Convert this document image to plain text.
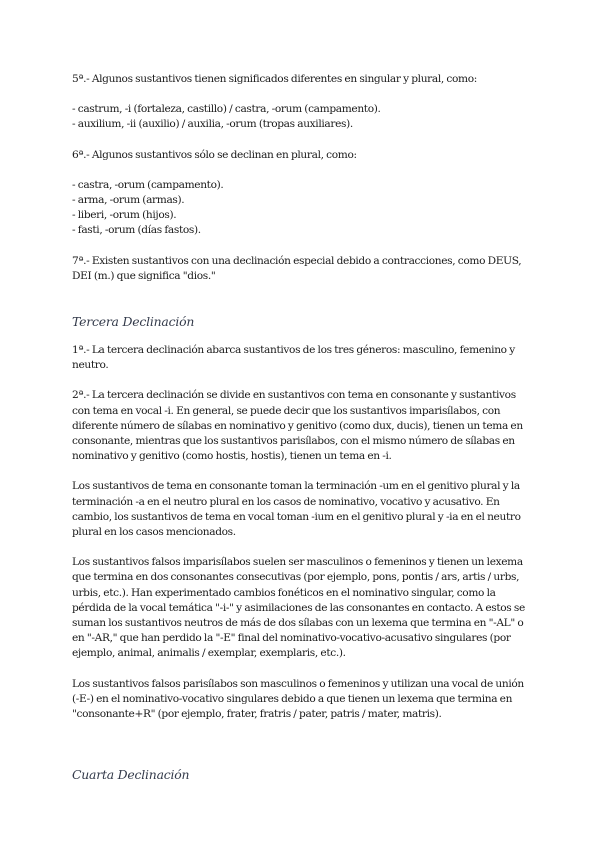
5ª.- Algunos sustantivos tienen significados diferentes en singular y plural, como:

- castrum, -i (fortaleza, castillo) / castra, -orum (campamento).
- auxilium, -ii (auxilio) / auxilia, -orum (tropas auxiliares).

6ª.- Algunos sustantivos sólo se declinan en plural, como:

- castra, -orum (campamento).
- arma, -orum (armas).
- liberi, -orum (hijos).
- fasti, -orum (días fastos).

7ª.- Existen sustantivos con una declinación especial debido a contracciones, como DEUS, DEI (m.) que significa "dios."

Tercera Declinación

1ª.- La tercera declinación abarca sustantivos de los tres géneros: masculino, femenino y neutro.

2ª.- La tercera declinación se divide en sustantivos con tema en consonante y sustantivos con tema en vocal -i. En general, se puede decir que los sustantivos imparisílabos, con diferente número de sílabas en nominativo y genitivo (como dux, ducis), tienen un tema en consonante, mientras que los sustantivos parisílabos, con el mismo número de sílabas en nominativo y genitivo (como hostis, hostis), tienen un tema en -i.

Los sustantivos de tema en consonante toman la terminación -um en el genitivo plural y la terminación -a en el neutro plural en los casos de nominativo, vocativo y acusativo. En cambio, los sustantivos de tema en vocal toman -ium en el genitivo plural y -ia en el neutro plural en los casos mencionados.

Los sustantivos falsos imparisílabos suelen ser masculinos o femeninos y tienen un lexema que termina en dos consonantes consecutivas (por ejemplo, pons, pontis / ars, artis / urbs, urbis, etc.). Han experimentado cambios fonéticos en el nominativo singular, como la pérdida de la vocal temática "-i-" y asimilaciones de las consonantes en contacto. A estos se suman los sustantivos neutros de más de dos sílabas con un lexema que termina en "-AL" o en "-AR," que han perdido la "-E" final del nominativo-vocativo-acusativo singulares (por ejemplo, animal, animalis / exemplar, exemplaris, etc.).

Los sustantivos falsos parisílabos son masculinos o femeninos y utilizan una vocal de unión (-E-) en el nominativo-vocativo singulares debido a que tienen un lexema que termina en "consonante+R" (por ejemplo, frater, fratris / pater, patris / mater, matris).

Cuarta Declinación
